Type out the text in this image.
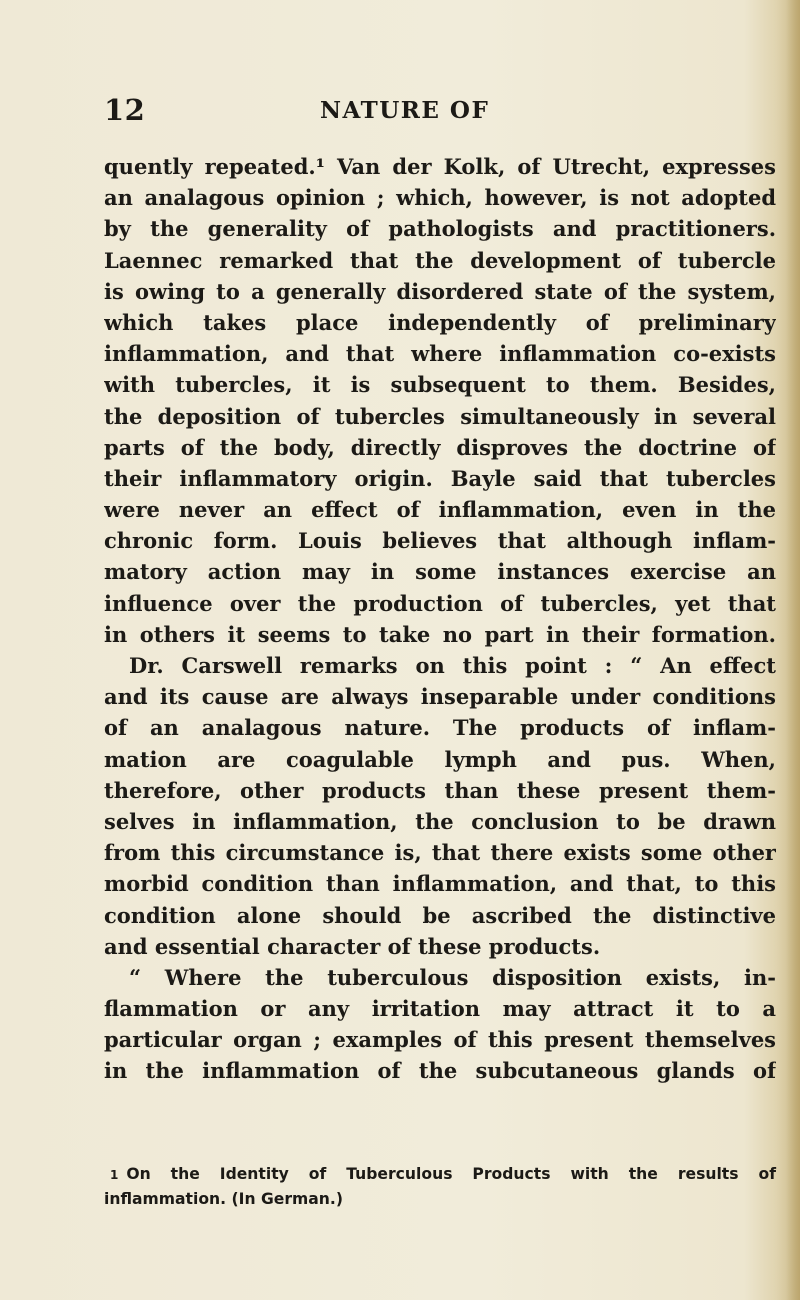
12	NATURE OF
quently repeated.¹ Van der Kolk, of Utrecht, expresses
an analagous opinion ; which, however, is not adopted
by the generality of pathologists and practitioners.
Laennec remarked that the development of tubercle
is owing to a generally disordered state of the system,
which takes place independently of preliminary
inflammation, and that where inflammation co-exists
with tubercles, it is subsequent to them. Besides,
the deposition of tubercles simultaneously in several
parts of the body, directly disproves the doctrine of
their inflammatory origin. Bayle said that tubercles
were never an effect of inflammation, even in the
chronic form. Louis believes that although inflam-
matory action may in some instances exercise an
influence over the production of tubercles, yet that
in others it seems to take no part in their formation.
Dr. Carswell remarks on this point : “ An effect
and its cause are always inseparable under conditions
of an analagous nature. The products of inflam-
mation are coagulable lymph and pus. When,
therefore, other products than these present them-
selves in inflammation, the conclusion to be drawn
from this circumstance is, that there exists some other
morbid condition than inflammation, and that, to this
condition alone should be ascribed the distinctive
and essential character of these products.
“ Where the tuberculous disposition exists, in-
flammation or any irritation may attract it to a
particular organ ; examples of this present themselves
in the inflammation of the subcutaneous glands of
1 On the Identity of Tuberculous Products with the results of
inflammation. (In German.)
